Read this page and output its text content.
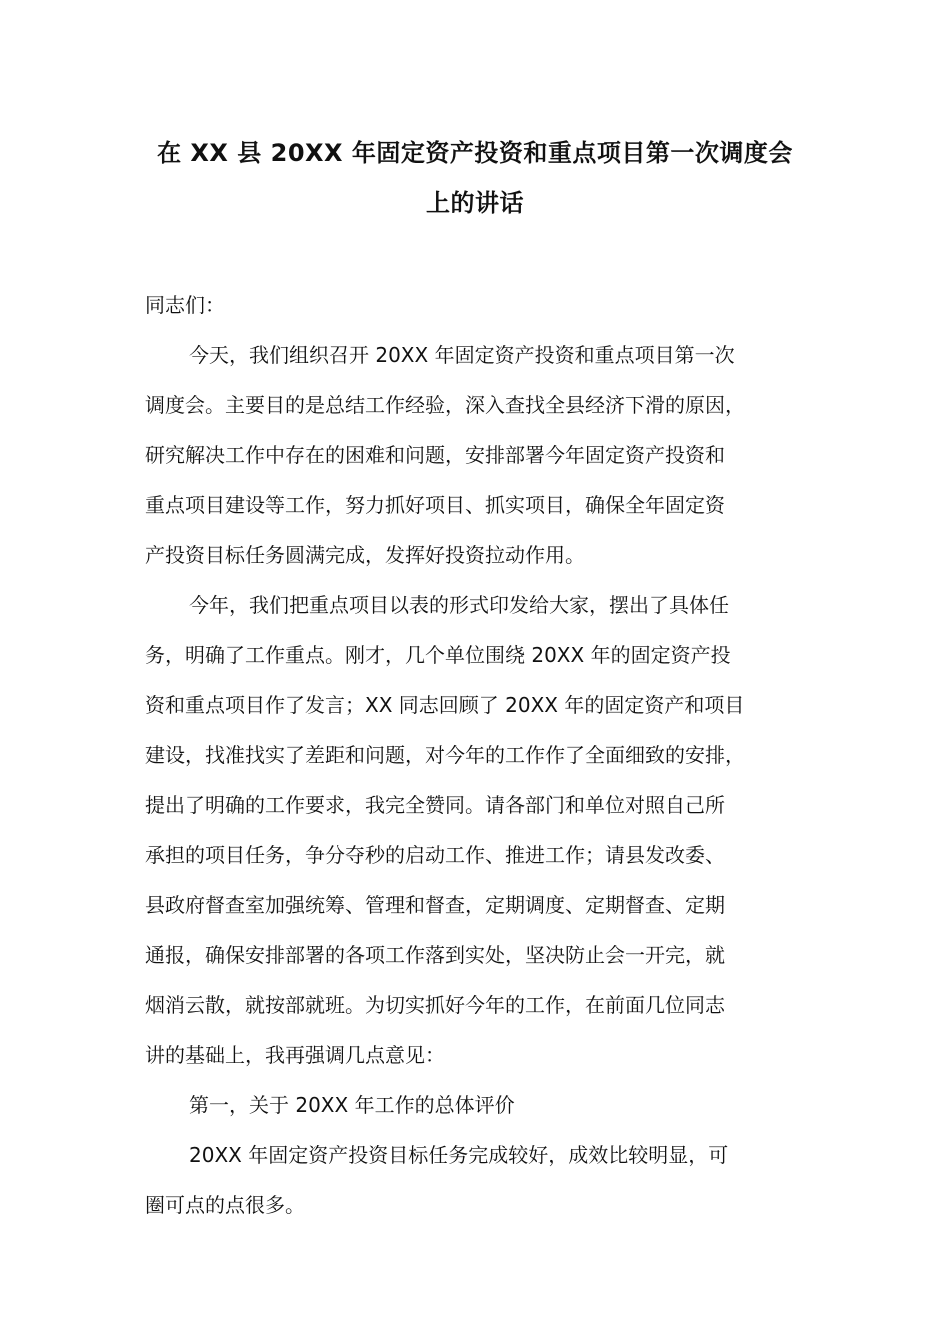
在 XX 县 20XX 年固定资产投资和重点项目第一次调度会
上的讲话

同志们：

今天，我们组织召开 20XX 年固定资产投资和重点项目第一次
调度会。主要目的是总结工作经验，深入查找全县经济下滑的原因，
研究解决工作中存在的困难和问题，安排部署今年固定资产投资和
重点项目建设等工作，努力抓好项目、抓实项目，确保全年固定资
产投资目标任务圆满完成，发挥好投资拉动作用。

今年，我们把重点项目以表的形式印发给大家，摆出了具体任
务，明确了工作重点。刚才，几个单位围绕 20XX 年的固定资产投
资和重点项目作了发言；XX 同志回顾了 20XX 年的固定资产和项目
建设，找准找实了差距和问题，对今年的工作作了全面细致的安排，
提出了明确的工作要求，我完全赞同。请各部门和单位对照自己所
承担的项目任务，争分夺秒的启动工作、推进工作；请县发改委、
县政府督查室加强统筹、管理和督查，定期调度、定期督查、定期
通报，确保安排部署的各项工作落到实处，坚决防止会一开完，就
烟消云散，就按部就班。为切实抓好今年的工作，在前面几位同志
讲的基础上，我再强调几点意见：

第一，关于 20XX 年工作的总体评价

20XX 年固定资产投资目标任务完成较好，成效比较明显，可
圈可点的点很多。
